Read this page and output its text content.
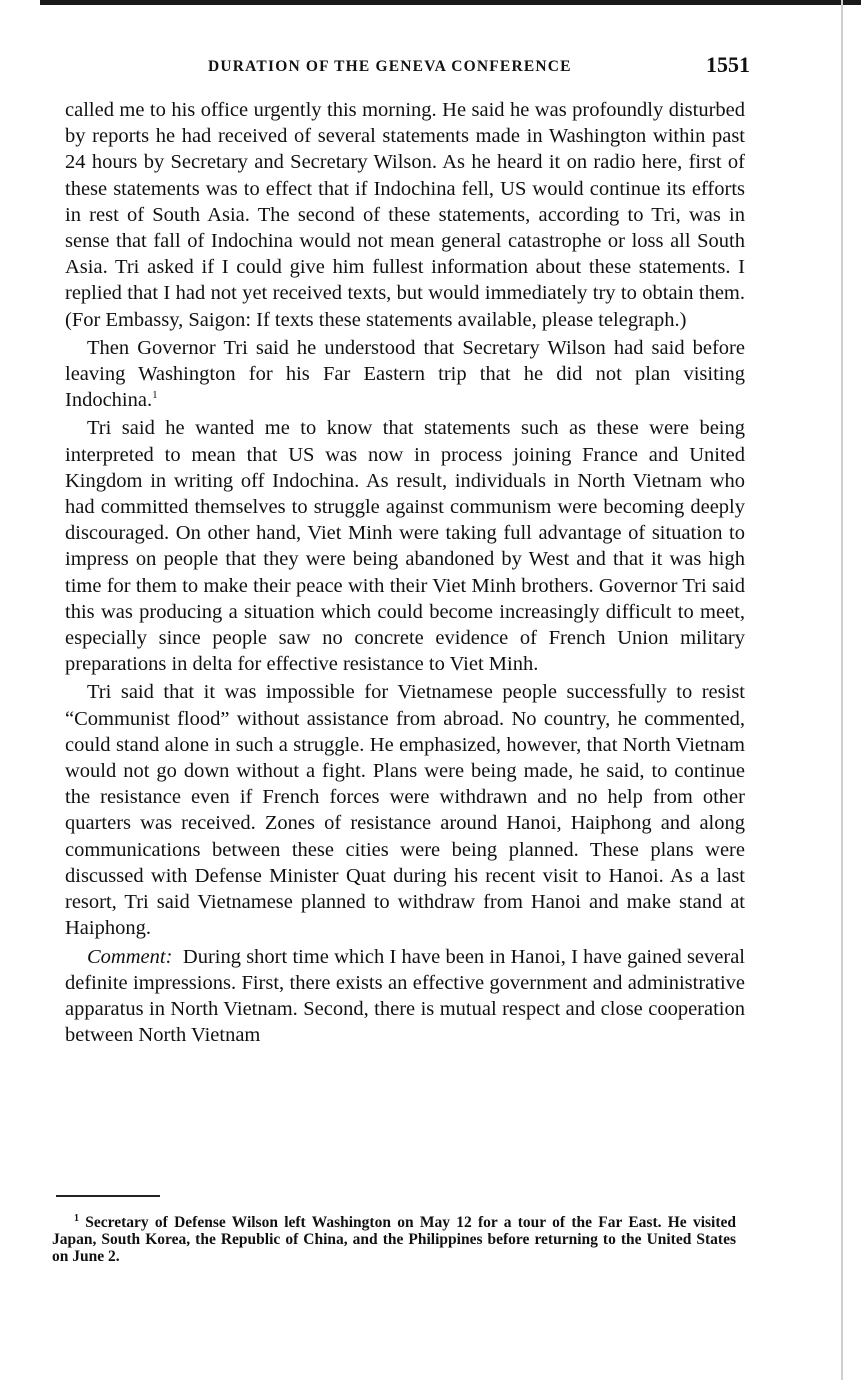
DURATION OF THE GENEVA CONFERENCE	1551

called me to his office urgently this morning. He said he was profoundly disturbed by reports he had received of several statements made in Washington within past 24 hours by Secretary and Secretary Wilson. As he heard it on radio here, first of these statements was to effect that if Indochina fell, US would continue its efforts in rest of South Asia. The second of these statements, according to Tri, was in sense that fall of Indochina would not mean general catastrophe or loss all South Asia. Tri asked if I could give him fullest information about these statements. I replied that I had not yet received texts, but would immediately try to obtain them. (For Embassy, Saigon: If texts these statements available, please telegraph.)

Then Governor Tri said he understood that Secretary Wilson had said before leaving Washington for his Far Eastern trip that he did not plan visiting Indochina.$^1$

Tri said he wanted me to know that statements such as these were being interpreted to mean that US was now in process joining France and United Kingdom in writing off Indochina. As result, individuals in North Vietnam who had committed themselves to struggle against communism were becoming deeply discouraged. On other hand, Viet Minh were taking full advantage of situation to impress on people that they were being abandoned by West and that it was high time for them to make their peace with their Viet Minh brothers. Governor Tri said this was producing a situation which could become increasingly difficult to meet, especially since people saw no concrete evidence of French Union military preparations in delta for effective resistance to Viet Minh.

Tri said that it was impossible for Vietnamese people successfully to resist “Communist flood” without assistance from abroad. No country, he commented, could stand alone in such a struggle. He emphasized, however, that North Vietnam would not go down without a fight. Plans were being made, he said, to continue the resistance even if French forces were withdrawn and no help from other quarters was received. Zones of resistance around Hanoi, Haiphong and along communications between these cities were being planned. These plans were discussed with Defense Minister Quat during his recent visit to Hanoi. As a last resort, Tri said Vietnamese planned to withdraw from Hanoi and make stand at Haiphong.

Comment: During short time which I have been in Hanoi, I have gained several definite impressions. First, there exists an effective government and administrative apparatus in North Vietnam. Second, there is mutual respect and close cooperation between North Vietnam

$^1$ Secretary of Defense Wilson left Washington on May 12 for a tour of the Far East. He visited Japan, South Korea, the Republic of China, and the Philippines before returning to the United States on June 2.
